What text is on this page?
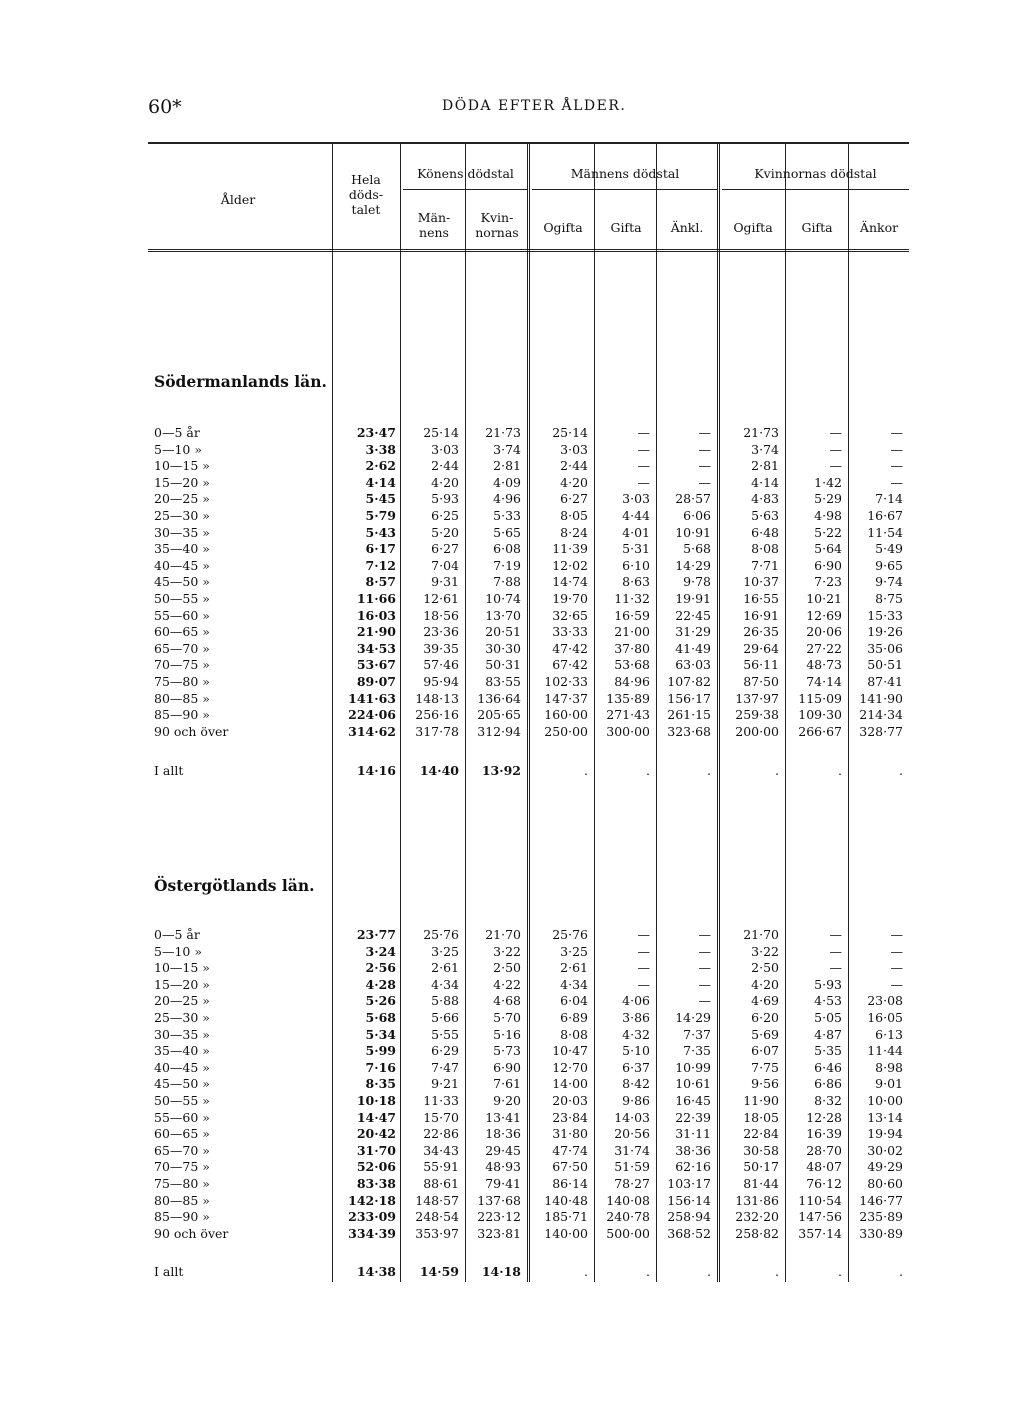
60*	DÖDA EFTER ÅLDER.
Ålder
Hela
döds-
talet
Könens dödstal
Män-
nens
Kvin-
nornas
Männens dödstal	Kvinnornas dödstal
Ogifta	Gifta	Änkl.	Ogifta	Gifta	Änkor
Södermanlands län.
Östergötlands län.
0—5 år	23·47	25·14	21·73	25·14	—	—	21·73	—	—
5—10 »	3·38	3·03	3·74	3·03	—	—	3·74	—	—
10—15 »	2·62	2·44	2·81	2·44	—	—	2·81	—	—
15—20 »	4·14	4·20	4·09	4·20	—	—	4·14	1·42	—
20—25 »	5·45	5·93	4·96	6·27	3·03	28·57	4·83	5·29	7·14
25—30 »	5·79	6·25	5·33	8·05	4·44	6·06	5·63	4·98	16·67
30—35 »	5·43	5·20	5·65	8·24	4·01	10·91	6·48	5·22	11·54
35—40 »	6·17	6·27	6·08	11·39	5·31	5·68	8·08	5·64	5·49
40—45 »	7·12	7·04	7·19	12·02	6·10	14·29	7·71	6·90	9·65
45—50 »	8·57	9·31	7·88	14·74	8·63	9·78	10·37	7·23	9·74
50—55 »	11·66	12·61	10·74	19·70	11·32	19·91	16·55	10·21	8·75
55—60 »	16·03	18·56	13·70	32·65	16·59	22·45	16·91	12·69	15·33
60—65 »	21·90	23·36	20·51	33·33	21·00	31·29	26·35	20·06	19·26
65—70 »	34·53	39·35	30·30	47·42	37·80	41·49	29·64	27·22	35·06
70—75 »	53·67	57·46	50·31	67·42	53·68	63·03	56·11	48·73	50·51
75—80 »	89·07	95·94	83·55	102·33	84·96	107·82	87·50	74·14	87·41
80—85 »	141·63	148·13	136·64	147·37	135·89	156·17	137·97	115·09	141·90
85—90 »	224·06	256·16	205·65	160·00	271·43	261·15	259·38	109·30	214·34
90 och över	314·62	317·78	312·94	250·00	300·00	323·68	200·00	266·67	328·77
I allt	14·16	14·40	13·92	.	.	.	.	.	.
0—5 år	23·77	25·76	21·70	25·76	—	—	21·70	—	—
5—10 »	3·24	3·25	3·22	3·25	—	—	3·22	—	—
10—15 »	2·56	2·61	2·50	2·61	—	—	2·50	—	—
15—20 »	4·28	4·34	4·22	4·34	—	—	4·20	5·93	—
20—25 »	5·26	5·88	4·68	6·04	4·06	—	4·69	4·53	23·08
25—30 »	5·68	5·66	5·70	6·89	3·86	14·29	6·20	5·05	16·05
30—35 »	5·34	5·55	5·16	8·08	4·32	7·37	5·69	4·87	6·13
35—40 »	5·99	6·29	5·73	10·47	5·10	7·35	6·07	5·35	11·44
40—45 »	7·16	7·47	6·90	12·70	6·37	10·99	7·75	6·46	8·98
45—50 »	8·35	9·21	7·61	14·00	8·42	10·61	9·56	6·86	9·01
50—55 »	10·18	11·33	9·20	20·03	9·86	16·45	11·90	8·32	10·00
55—60 »	14·47	15·70	13·41	23·84	14·03	22·39	18·05	12·28	13·14
60—65 »	20·42	22·86	18·36	31·80	20·56	31·11	22·84	16·39	19·94
65—70 »	31·70	34·43	29·45	47·74	31·74	38·36	30·58	28·70	30·02
70—75 »	52·06	55·91	48·93	67·50	51·59	62·16	50·17	48·07	49·29
75—80 »	83·38	88·61	79·41	86·14	78·27	103·17	81·44	76·12	80·60
80—85 »	142·18	148·57	137·68	140·48	140·08	156·14	131·86	110·54	146·77
85—90 »	233·09	248·54	223·12	185·71	240·78	258·94	232·20	147·56	235·89
90 och över	334·39	353·97	323·81	140·00	500·00	368·52	258·82	357·14	330·89
I allt	14·38	14·59	14·18	.	.	.	.	.	.
